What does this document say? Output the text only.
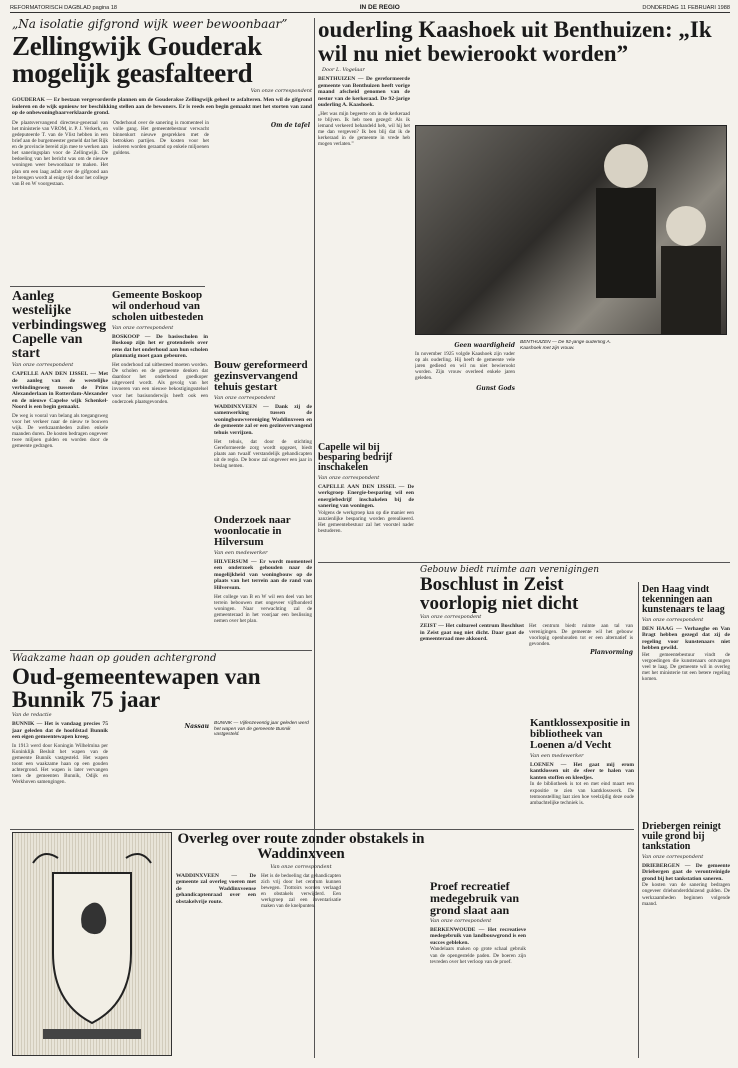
REFORMATORISCH DAGBLAD pagina 18	IN DE REGIO	DONDERDAG 11 FEBRUARI 1988
„Na isolatie gifgrond wijk weer bewoonbaar”
Zellingwijk Gouderak mogelijk geasfalteerd
Van onze correspondent
GOUDERAK — Er bestaan vergevorderde plannen om de Gouderakse Zellingwijk geheel te asfalteren. Men wil de gifgrond isoleren en de wijk opnieuw ter beschikking stellen aan de bewoners. Er is reeds een begin gemaakt met het storten van zand op de onbewoningbaarverklaarde grond.
De plaatsvervangend directeur-generaal van het ministerie van VROM, ir. P. J. Verkerk, en gedeputeerde T. van de Vlist hebben in een brief aan de burgemeester gemeld dat het Rijk en de provincie bereid zijn mee te werken aan het saneringsplan voor de Zellingwijk. De bedoeling van het bericht was om de nieuwe woningen weer bewoonbaar te maken. Het plan om een laag asfalt over de gifgrond aan te brengen wordt al enige tijd door het college van B en W voorgestaan.
Onderhoud over de sanering is momenteel in volle gang. Het gemeentebestuur verwacht binnenkort nieuwe gesprekken met de betrokken partijen. De kosten voor het isoleren worden geraamd op enkele miljoenen guldens.
Om de tafel
Aanleg westelijke verbindingsweg Capelle van start
Van onze correspondent
CAPELLE AAN DEN IJSSEL — Met de aanleg van de westelijke verbindingsweg tussen de Prins Alexanderlaan in Rotterdam-Alexander en de nieuwe Capelse wijk Schenkel-Noord is een begin gemaakt.
De weg is vooral van belang als toegangsweg voor het verkeer naar de nieuw te bouwen wijk. De werkzaamheden zullen enkele maanden duren. De kosten bedragen ongeveer twee miljoen gulden en worden door de gemeente gedragen.
Gemeente Boskoop wil onderhoud van scholen uitbesteden
Van onze correspondent
BOSKOOP — De basisscholen in Boskoop zijn het er grotendeels over eens dat het onderhoud aan hun scholen planmatig moet gaan gebeuren.
Het onderhoud zal uitbesteed moeten worden. De scholen en de gemeente denken dat daardoor het onderhoud goedkoper uitgevoerd wordt. Als gevolg van het invoeren van een nieuwe bekostigingsstelsel voor het basisonderwijs heeft ook een onderzoek plaatsgevonden.
Bouw gereformeerd gezinsvervangend tehuis gestart
Van onze correspondent
WADDINXVEEN — Dank zij de samenwerking tussen de woningbouwvereniging Waddinxveen en de gemeente zal er een gezinsvervangend tehuis verrijzen.
Het tehuis, dat door de stichting Gereformeerde zorg wordt opgezet, biedt plaats aan twaalf verstandelijk gehandicapten uit de regio. De bouw zal ongeveer een jaar in beslag nemen.
Onderzoek naar woonlocatie in Hilversum
Van een medewerker
HILVERSUM — Er wordt momenteel een onderzoek gehouden naar de mogelijkheid van woningbouw op de plaats van het terrein aan de rand van Hilversum.
Het college van B en W wil een deel van het terrein bebouwen met ongeveer vijfhonderd woningen. Naar verwachting zal de gemeenteraad in het voorjaar een beslissing nemen over het plan.
Waakzame haan op gouden achtergrond
Oud-gemeentewapen van Bunnik 75 jaar
Van de redactie
BUNNIK — Het is vandaag precies 75 jaar geleden dat de hoofdstad Bunnik een eigen gemeentewapen kreeg.
In 1913 werd door Koningin Wilhelmina per Koninklijk Besluit het wapen van de gemeente Bunnik vastgesteld. Het wapen toont een waakzame haan op een gouden achtergrond. Het wapen is later vervangen toen de gemeenten Bunnik, Odijk en Werkhoven samengingen.
Nassau BUNNIK — Vijfenzeventig jaar geleden werd het wapen van de gemeente Bunnik vastgesteld.
ouderling Kaashoek uit Benthuizen: „Ik wil nu niet bewierookt worden”
Door L. Vogelaar
BENTHUIZEN — De gereformeerde gemeente van Benthuizen heeft vorige maand afscheid genomen van de nestor van de kerkeraad. De 92-jarige ouderling A. Kaashoek.
„Het was mijn begeerte om in de kerkeraad te blijven. Ik heb toen gezegd: Als ik iemand verkeerd behandeld heb, wil hij het me dan vergeven? Ik ben blij dat ik de kerkeraad in de gemeente in vrede heb mogen verlaten.”
Geen waardigheid
In november 1925 volgde Kaashoek zijn vader op als ouderling. Hij heeft de gemeente vele jaren gediend en wil nu niet bewierookt worden. Zijn vrouw overleed enkele jaren geleden.
Gunst Gods
BENTHUIZEN — De 92-jarige ouderling A. Kaashoek met zijn vrouw.
Capelle wil bij besparing bedrijf inschakelen
Van onze correspondent
CAPELLE AAN DEN IJSSEL — De werkgroep Energie-besparing wil een energiebedrijf inschakelen bij de sanering van woningen.
Volgens de werkgroep kan op die manier een aanzienlijke besparing worden gerealiseerd. Het gemeentebestuur zal het voorstel nader bestuderen.
Gebouw biedt ruimte aan verenigingen
Boschlust in Zeist voorlopig niet dicht
Van onze correspondent
ZEIST — Het cultureel centrum Boschlust in Zeist gaat nog niet dicht. Daar gaat de gemeenteraad mee akkoord.
Het centrum biedt ruimte aan tal van verenigingen. De gemeente wil het gebouw voorlopig openhouden tot er een alternatief is gevonden.
Planvorming
Kantklossexpositie in bibliotheek van Loenen a/d Vecht
Van een medewerker
LOENEN — Het gaat mij erom kantklossen uit de sfeer te halen van kanten stoffen en kleedjes.
In de bibliotheek is tot en met eind maart een expositie te zien van kantklosswerk. De tentoonstelling laat zien hoe veelzijdig deze oude ambachtelijke techniek is.
Overleg over route zonder obstakels in Waddinxveen
Van onze correspondent
WADDINXVEEN — De gemeente zal overleg voeren met de Waddinxveense gehandicaptenraad over een obstakelvrije route.
Het is de bedoeling dat gehandicapten zich vrij door het centrum kunnen bewegen. Trottoirs worden verlaagd en obstakels verwijderd. Een werkgroep zal een inventarisatie maken van de knelpunten.
Proef recreatief medegebruik van grond slaat aan
Van onze correspondent
BERKENWOUDE — Het recreatieve medegebruik van landbouwgrond is een succes gebleken.
Wandelaars maken op grote schaal gebruik van de opengestelde paden. De boeren zijn tevreden over het verloop van de proef.
Den Haag vindt tekenningen aan kunstenaars te laag
Van onze correspondent
DEN HAAG — Verhaeghe en Van Bragt hebben gezegd dat zij de regeling voor kunstenaars niet hebben gewild.
Het gemeentebestuur vindt de vergoedingen die kunstenaars ontvangen veel te laag. De gemeente wil in overleg met het ministerie tot een betere regeling komen.
Driebergen reinigt vuile grond bij tankstation
Van onze correspondent
DRIEBERGEN — De gemeente Driebergen gaat de verontreinigde grond bij het tankstation saneren.
De kosten van de sanering bedragen ongeveer driehonderdduizend gulden. De werkzaamheden beginnen volgende maand.
